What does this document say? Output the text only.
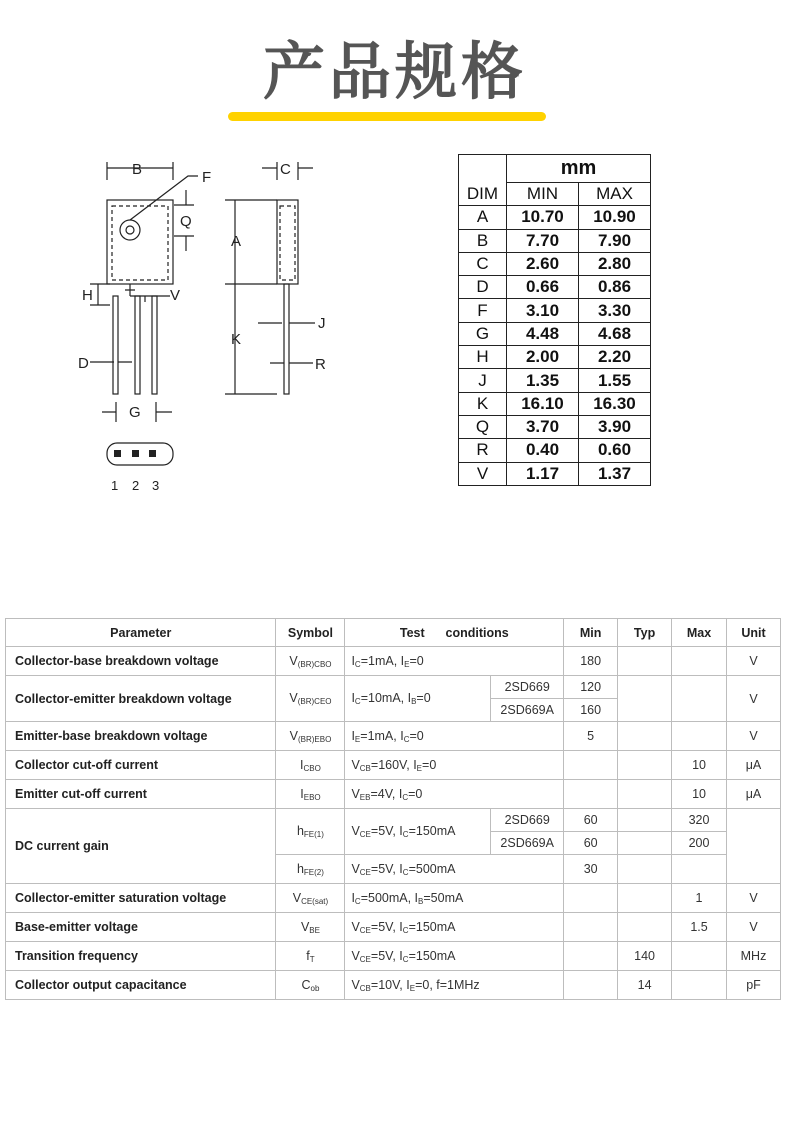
产品规格
B	F
Q
H	V
D
G
C
A
K
J
R
1 2 3
	mm	
DIM	MIN	MAX
A	10.70	10.90
B	7.70	7.90
C	2.60	2.80
D	0.66	0.86
F	3.10	3.30
G	4.48	4.68
H	2.00	2.20
J	1.35	1.55
K	16.10	16.30
Q	3.70	3.90
R	0.40	0.60
V	1.17	1.37
Parameter	Symbol	Test      conditions		Min	Typ	Max	Unit
Collector-base breakdown voltage	$V_{(BR)CBO}$	$I_C=1mA$, $I_E=0$		180			V
Collector-emitter breakdown voltage	$V_{(BR)CEO}$	$I_C=10mA$, $I_B=0$	2SD669	120			V
			2SD669A	160			
Emitter-base breakdown voltage	$V_{(BR)EBO}$	$I_E=1mA$, $I_C=0$		5			V
Collector cut-off current	$I_{CBO}$	$V_{CB}=160V$, $I_E=0$				10	μA
Emitter cut-off current	$I_{EBO}$	$V_{EB}=4V$, $I_C=0$				10	μA
DC current gain	$h_{FE(1)}$	$V_{CE}=5V$, $I_C=150mA$	2SD669	60		320	
			2SD669A	60		200	
	$h_{FE(2)}$	$V_{CE}=5V$, $I_C=500mA$		30			
Collector-emitter saturation voltage	$V_{CE(sat)}$	$I_C=500mA$, $I_B=50mA$				1	V
Base-emitter voltage	$V_{BE}$	$V_{CE}=5V$, $I_C=150mA$				1.5	V
Transition frequency	$f_T$	$V_{CE}=5V$, $I_C=150mA$			140		MHz
Collector output capacitance	$C_{ob}$	$V_{CB}=10V$, $I_E=0$, f=1MHz			14		pF
